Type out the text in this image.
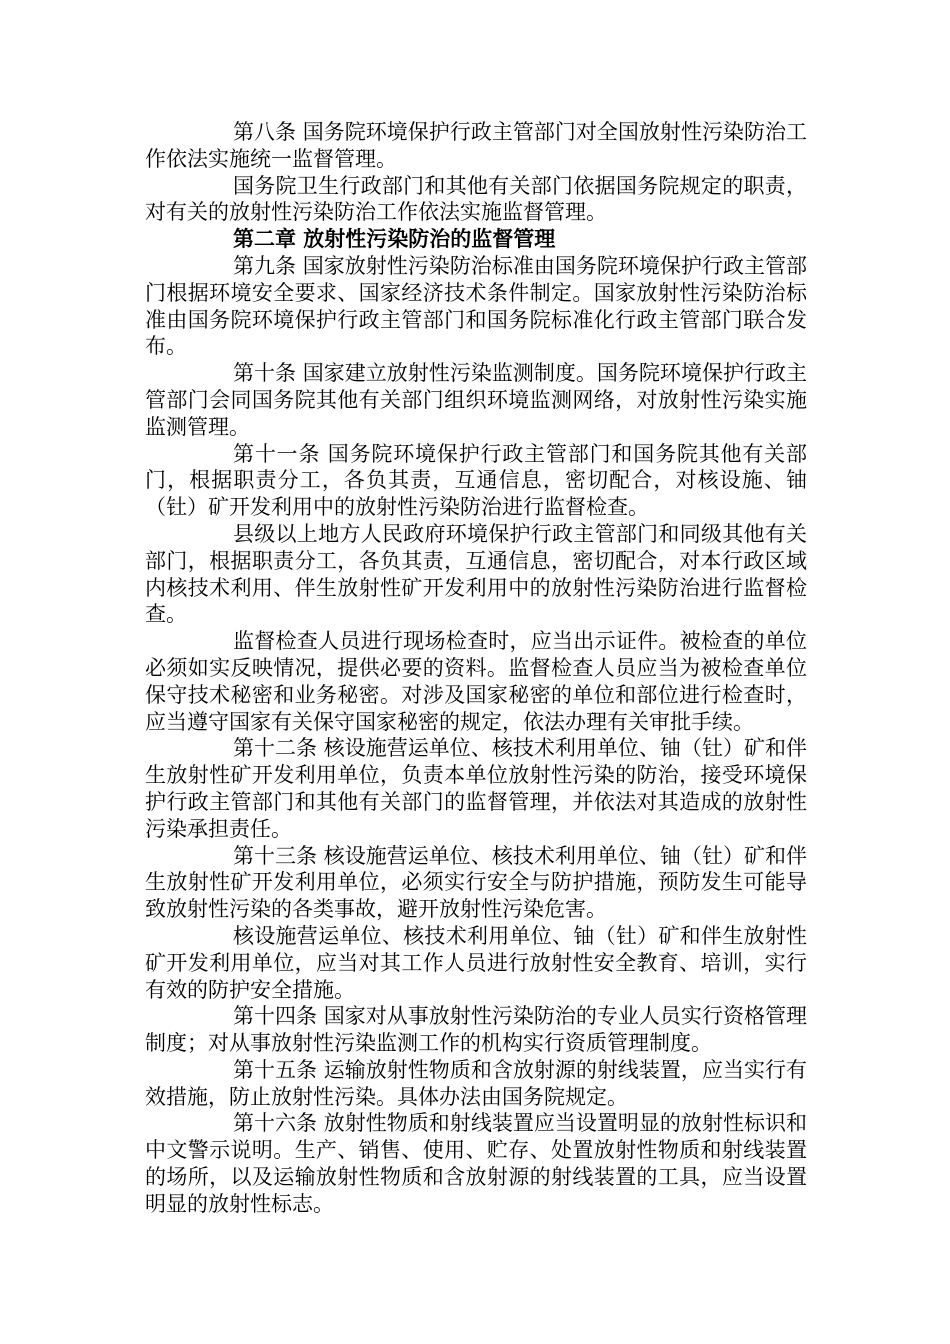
第八条 国务院环境保护行政主管部门对全国放射性污染防治工作依法实施统一监督管理。

国务院卫生行政部门和其他有关部门依据国务院规定的职责，对有关的放射性污染防治工作依法实施监督管理。

第二章 放射性污染防治的监督管理

第九条 国家放射性污染防治标准由国务院环境保护行政主管部门根据环境安全要求、国家经济技术条件制定。国家放射性污染防治标准由国务院环境保护行政主管部门和国务院标准化行政主管部门联合发布。

第十条 国家建立放射性污染监测制度。国务院环境保护行政主管部门会同国务院其他有关部门组织环境监测网络，对放射性污染实施监测管理。

第十一条 国务院环境保护行政主管部门和国务院其他有关部门，根据职责分工，各负其责，互通信息，密切配合，对核设施、铀（钍）矿开发利用中的放射性污染防治进行监督检查。

县级以上地方人民政府环境保护行政主管部门和同级其他有关部门，根据职责分工，各负其责，互通信息，密切配合，对本行政区域内核技术利用、伴生放射性矿开发利用中的放射性污染防治进行监督检查。

监督检查人员进行现场检查时，应当出示证件。被检查的单位必须如实反映情况，提供必要的资料。监督检查人员应当为被检查单位保守技术秘密和业务秘密。对涉及国家秘密的单位和部位进行检查时，应当遵守国家有关保守国家秘密的规定，依法办理有关审批手续。

第十二条 核设施营运单位、核技术利用单位、铀（钍）矿和伴生放射性矿开发利用单位，负责本单位放射性污染的防治，接受环境保护行政主管部门和其他有关部门的监督管理，并依法对其造成的放射性污染承担责任。

第十三条 核设施营运单位、核技术利用单位、铀（钍）矿和伴生放射性矿开发利用单位，必须实行安全与防护措施，预防发生可能导致放射性污染的各类事故，避开放射性污染危害。

核设施营运单位、核技术利用单位、铀（钍）矿和伴生放射性矿开发利用单位，应当对其工作人员进行放射性安全教育、培训，实行有效的防护安全措施。

第十四条 国家对从事放射性污染防治的专业人员实行资格管理制度；对从事放射性污染监测工作的机构实行资质管理制度。

第十五条 运输放射性物质和含放射源的射线装置，应当实行有效措施，防止放射性污染。具体办法由国务院规定。

第十六条 放射性物质和射线装置应当设置明显的放射性标识和中文警示说明。生产、销售、使用、贮存、处置放射性物质和射线装置的场所，以及运输放射性物质和含放射源的射线装置的工具，应当设置明显的放射性标志。
